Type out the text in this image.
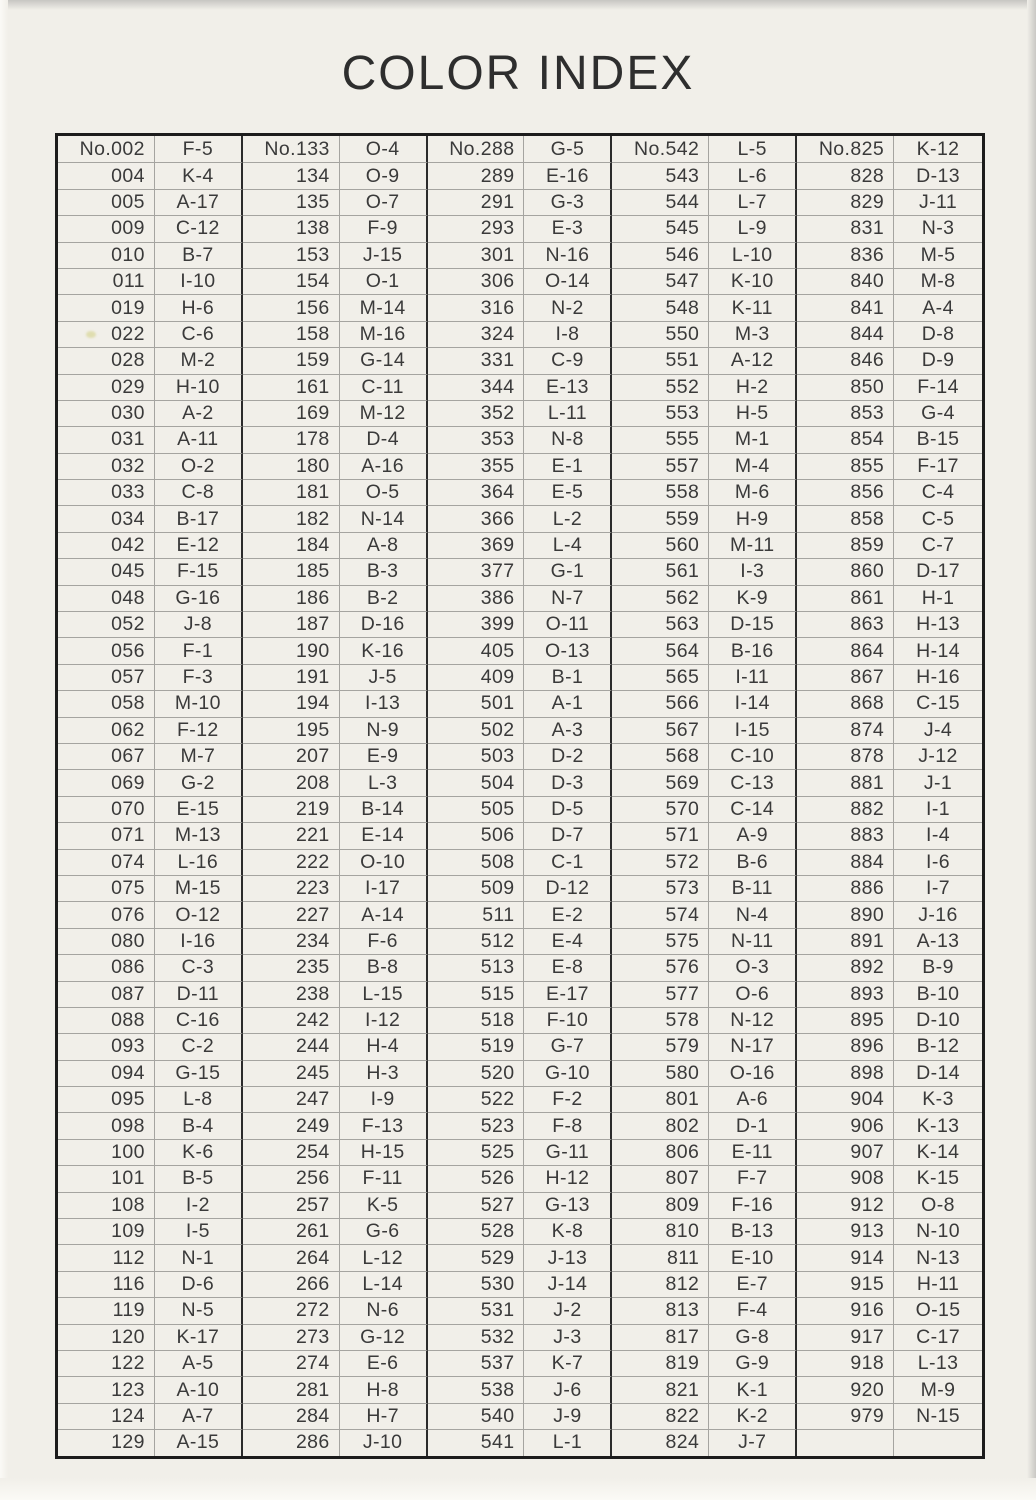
COLOR INDEX
No.002	F-5	No.133	O-4	No.288	G-5	No.542	L-5	No.825	K-12
004	K-4	134	O-9	289	E-16	543	L-6	828	D-13
005	A-17	135	O-7	291	G-3	544	L-7	829	J-11
009	C-12	138	F-9	293	E-3	545	L-9	831	N-3
010	B-7	153	J-15	301	N-16	546	L-10	836	M-5
011	I-10	154	O-1	306	O-14	547	K-10	840	M-8
019	H-6	156	M-14	316	N-2	548	K-11	841	A-4
022	C-6	158	M-16	324	I-8	550	M-3	844	D-8
028	M-2	159	G-14	331	C-9	551	A-12	846	D-9
029	H-10	161	C-11	344	E-13	552	H-2	850	F-14
030	A-2	169	M-12	352	L-11	553	H-5	853	G-4
031	A-11	178	D-4	353	N-8	555	M-1	854	B-15
032	O-2	180	A-16	355	E-1	557	M-4	855	F-17
033	C-8	181	O-5	364	E-5	558	M-6	856	C-4
034	B-17	182	N-14	366	L-2	559	H-9	858	C-5
042	E-12	184	A-8	369	L-4	560	M-11	859	C-7
045	F-15	185	B-3	377	G-1	561	I-3	860	D-17
048	G-16	186	B-2	386	N-7	562	K-9	861	H-1
052	J-8	187	D-16	399	O-11	563	D-15	863	H-13
056	F-1	190	K-16	405	O-13	564	B-16	864	H-14
057	F-3	191	J-5	409	B-1	565	I-11	867	H-16
058	M-10	194	I-13	501	A-1	566	I-14	868	C-15
062	F-12	195	N-9	502	A-3	567	I-15	874	J-4
067	M-7	207	E-9	503	D-2	568	C-10	878	J-12
069	G-2	208	L-3	504	D-3	569	C-13	881	J-1
070	E-15	219	B-14	505	D-5	570	C-14	882	I-1
071	M-13	221	E-14	506	D-7	571	A-9	883	I-4
074	L-16	222	O-10	508	C-1	572	B-6	884	I-6
075	M-15	223	I-17	509	D-12	573	B-11	886	I-7
076	O-12	227	A-14	511	E-2	574	N-4	890	J-16
080	I-16	234	F-6	512	E-4	575	N-11	891	A-13
086	C-3	235	B-8	513	E-8	576	O-3	892	B-9
087	D-11	238	L-15	515	E-17	577	O-6	893	B-10
088	C-16	242	I-12	518	F-10	578	N-12	895	D-10
093	C-2	244	H-4	519	G-7	579	N-17	896	B-12
094	G-15	245	H-3	520	G-10	580	O-16	898	D-14
095	L-8	247	I-9	522	F-2	801	A-6	904	K-3
098	B-4	249	F-13	523	F-8	802	D-1	906	K-13
100	K-6	254	H-15	525	G-11	806	E-11	907	K-14
101	B-5	256	F-11	526	H-12	807	F-7	908	K-15
108	I-2	257	K-5	527	G-13	809	F-16	912	O-8
109	I-5	261	G-6	528	K-8	810	B-13	913	N-10
112	N-1	264	L-12	529	J-13	811	E-10	914	N-13
116	D-6	266	L-14	530	J-14	812	E-7	915	H-11
119	N-5	272	N-6	531	J-2	813	F-4	916	O-15
120	K-17	273	G-12	532	J-3	817	G-8	917	C-17
122	A-5	274	E-6	537	K-7	819	G-9	918	L-13
123	A-10	281	H-8	538	J-6	821	K-1	920	M-9
124	A-7	284	H-7	540	J-9	822	K-2	979	N-15
129	A-15	286	J-10	541	L-1	824	J-7
